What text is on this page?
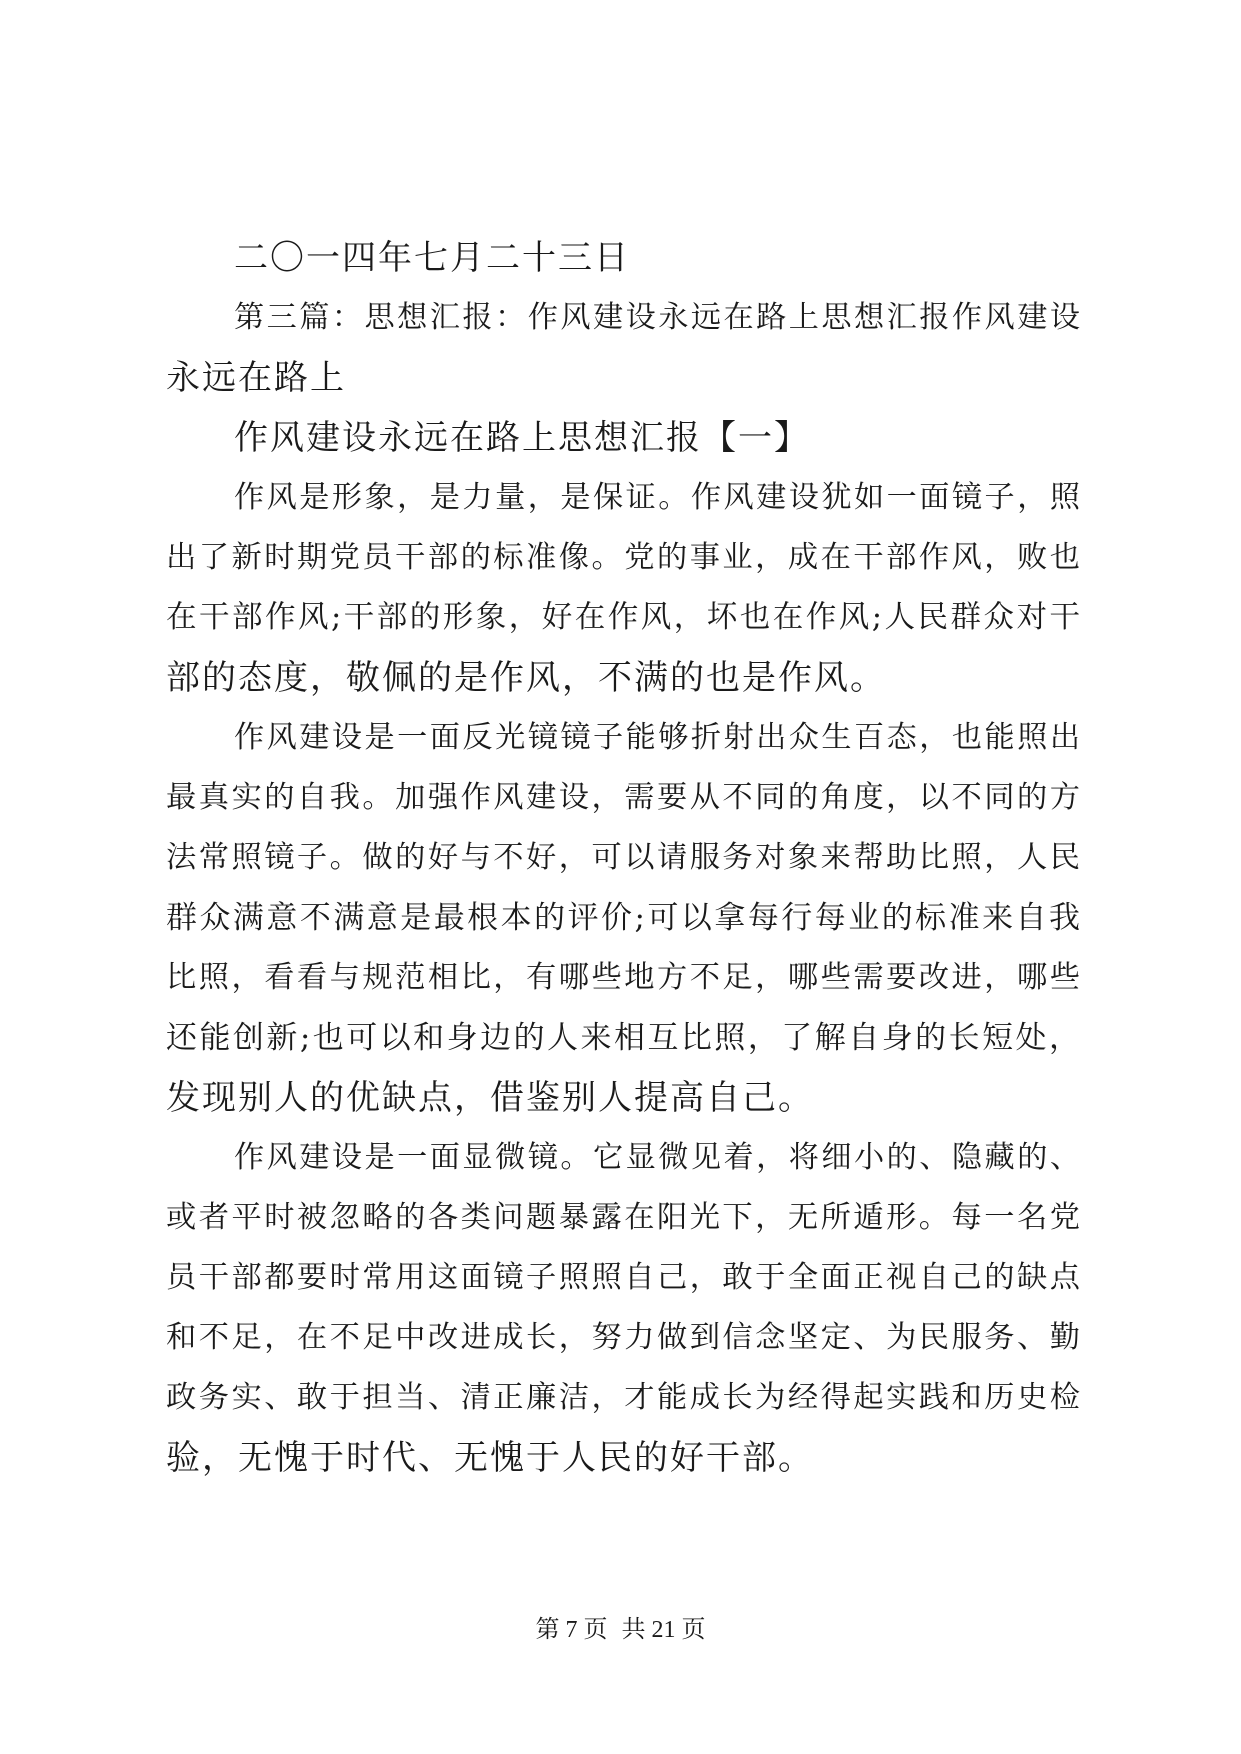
二〇一四年七月二十三日
第三篇：思想汇报：作风建设永远在路上思想汇报作风建设
永远在路上
作风建设永远在路上思想汇报【一】
作风是形象，是力量，是保证。作风建设犹如一面镜子，照
出了新时期党员干部的标准像。党的事业，成在干部作风，败也
在干部作风;干部的形象，好在作风，坏也在作风;人民群众对干
部的态度，敬佩的是作风，不满的也是作风。
作风建设是一面反光镜镜子能够折射出众生百态，也能照出
最真实的自我。加强作风建设，需要从不同的角度，以不同的方
法常照镜子。做的好与不好，可以请服务对象来帮助比照，人民
群众满意不满意是最根本的评价;可以拿每行每业的标准来自我
比照，看看与规范相比，有哪些地方不足，哪些需要改进，哪些
还能创新;也可以和身边的人来相互比照，了解自身的长短处，
发现别人的优缺点，借鉴别人提高自己。
作风建设是一面显微镜。它显微见着，将细小的、隐藏的、
或者平时被忽略的各类问题暴露在阳光下，无所遁形。每一名党
员干部都要时常用这面镜子照照自己，敢于全面正视自己的缺点
和不足，在不足中改进成长，努力做到信念坚定、为民服务、勤
政务实、敢于担当、清正廉洁，才能成长为经得起实践和历史检
验，无愧于时代、无愧于人民的好干部。
第 7 页 共 21 页
